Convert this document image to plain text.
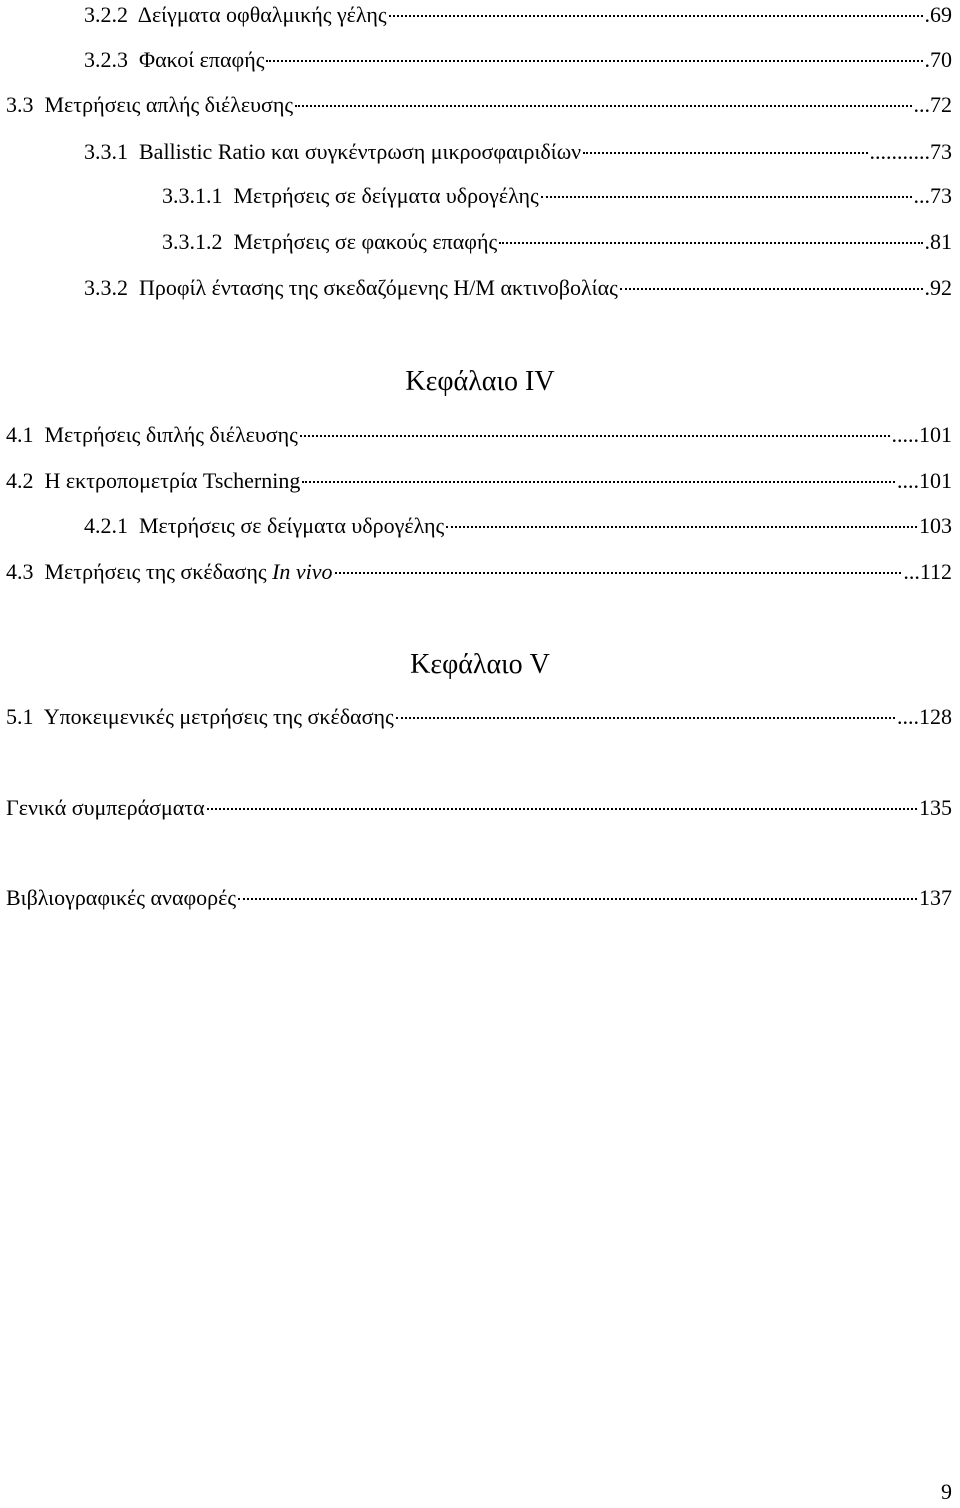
3.2.2 Δείγματα οφθαλμικής γέλης	.69
3.2.3 Φακοί επαφής	.70
3.3 Μετρήσεις απλής διέλευσης	...72
3.3.1 Ballistic Ratio και συγκέντρωση μικροσφαιριδίων	...........73
3.3.1.1 Μετρήσεις σε δείγματα υδρογέλης	...73
3.3.1.2 Μετρήσεις σε φακούς επαφής	.81
3.3.2 Προφίλ έντασης της σκεδαζόμενης Η/Μ ακτινοβολίας	.92
Κεφάλαιο IV
4.1 Μετρήσεις διπλής διέλευσης	.....101
4.2 Η εκτροπομετρία Tscherning	....101
4.2.1 Μετρήσεις σε δείγματα υδρογέλης	103
4.3 Μετρήσεις της σκέδασης In vivo	...112
Κεφάλαιο V
5.1 Υποκειμενικές μετρήσεις της σκέδασης	....128
Γενικά συμπεράσματα	135
Βιβλιογραφικές αναφορές	137
9
